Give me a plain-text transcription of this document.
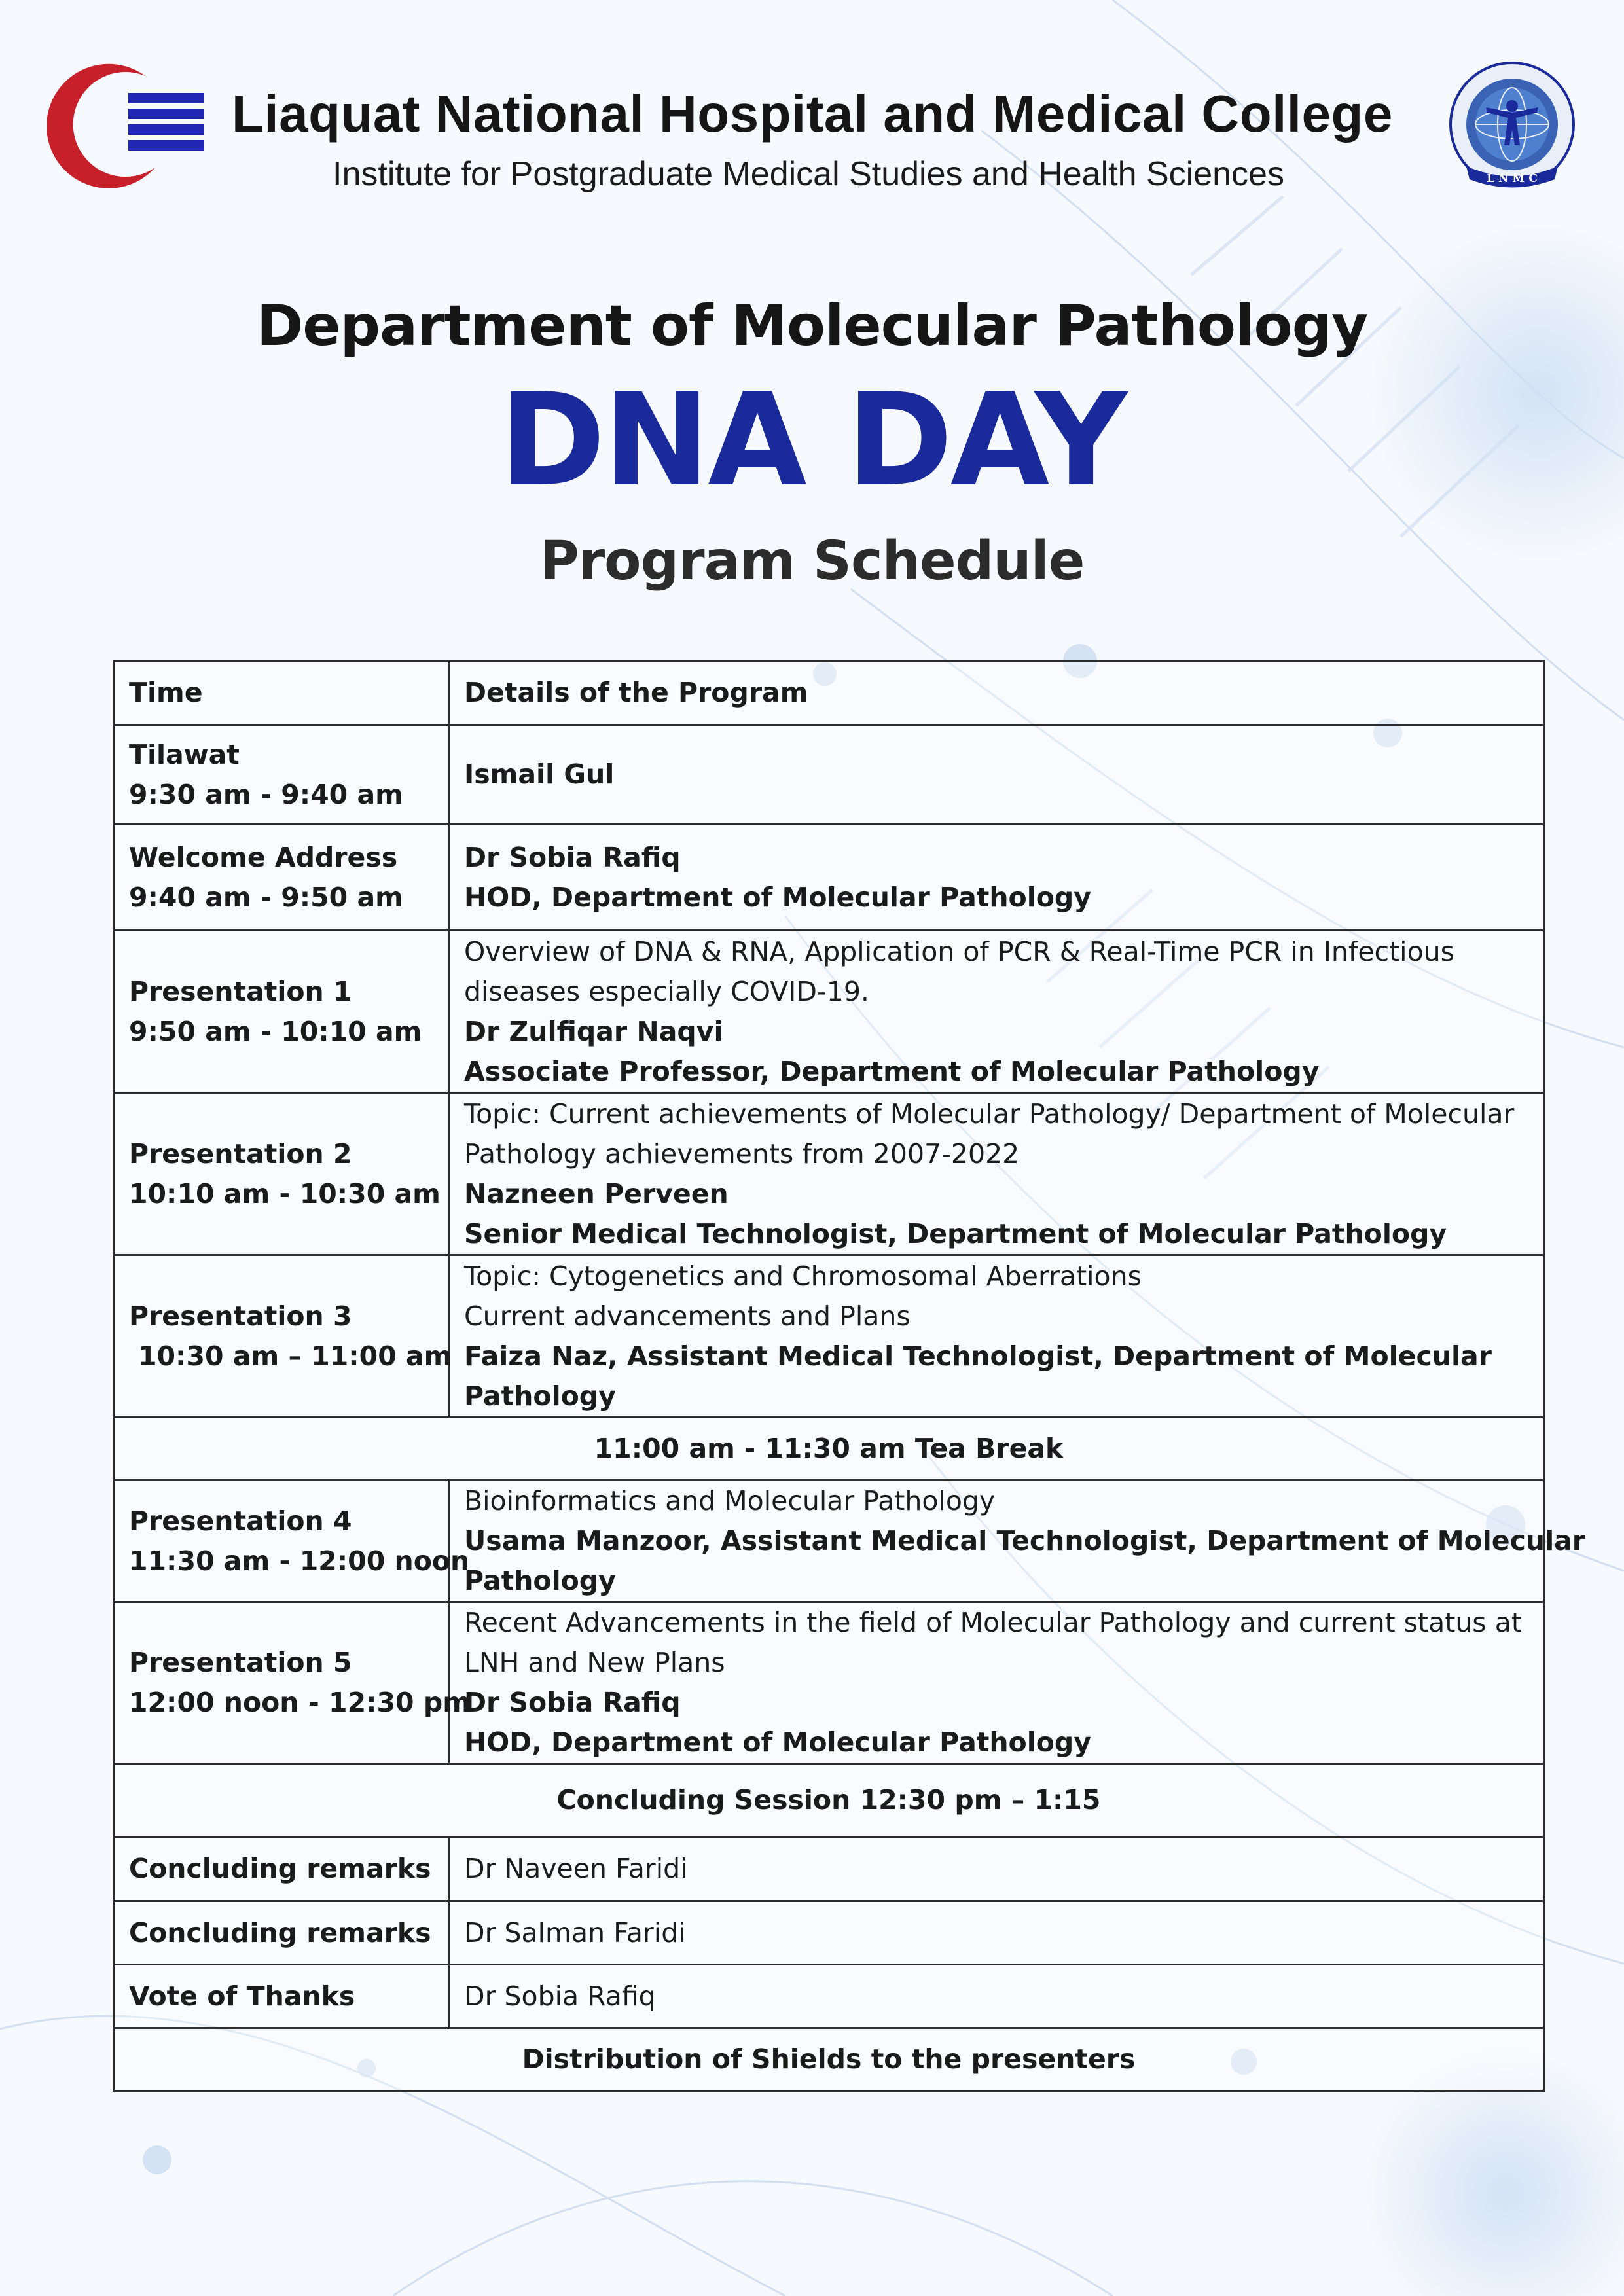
Liaquat National Hospital and Medical College
Institute for Postgraduate Medical Studies and Health Sciences	L N M C
Department of Molecular Pathology
DNA DAY
Program Schedule
Time	Details of the Program

Tilawat
9:30 am - 9:40 am	Ismail Gul

Welcome Address
9:40 am - 9:50 am	Dr Sobia Rafiq
HOD, Department of Molecular Pathology

Presentation 1
9:50 am - 10:10 am	Overview of DNA & RNA, Application of PCR & Real-Time PCR in Infectious
diseases especially COVID-19.
Dr Zulfiqar Naqvi
Associate Professor, Department of Molecular Pathology

Presentation 2
10:10 am - 10:30 am	Topic: Current achievements of Molecular Pathology/ Department of Molecular
Pathology achievements from 2007-2022
Nazneen Perveen
Senior Medical Technologist, Department of Molecular Pathology

Presentation 3
10:30 am – 11:00 am	Topic: Cytogenetics and Chromosomal Aberrations
Current advancements and Plans
Faiza Naz, Assistant Medical Technologist, Department of Molecular
Pathology

11:00 am - 11:30 am Tea Break	

Presentation 4
11:30 am - 12:00 noon	Bioinformatics and Molecular Pathology
Usama Manzoor, Assistant Medical Technologist, Department of Molecular
Pathology

Presentation 5
12:00 noon - 12:30 pm	Recent Advancements in the field of Molecular Pathology and current status at
LNH and New Plans
Dr Sobia Rafiq
HOD, Department of Molecular Pathology

Concluding Session 12:30 pm – 1:15	
Concluding remarks	Dr Naveen Faridi
Concluding remarks	Dr Salman Faridi
Vote of Thanks	Dr Sobia Rafiq
Distribution of Shields to the presenters	
